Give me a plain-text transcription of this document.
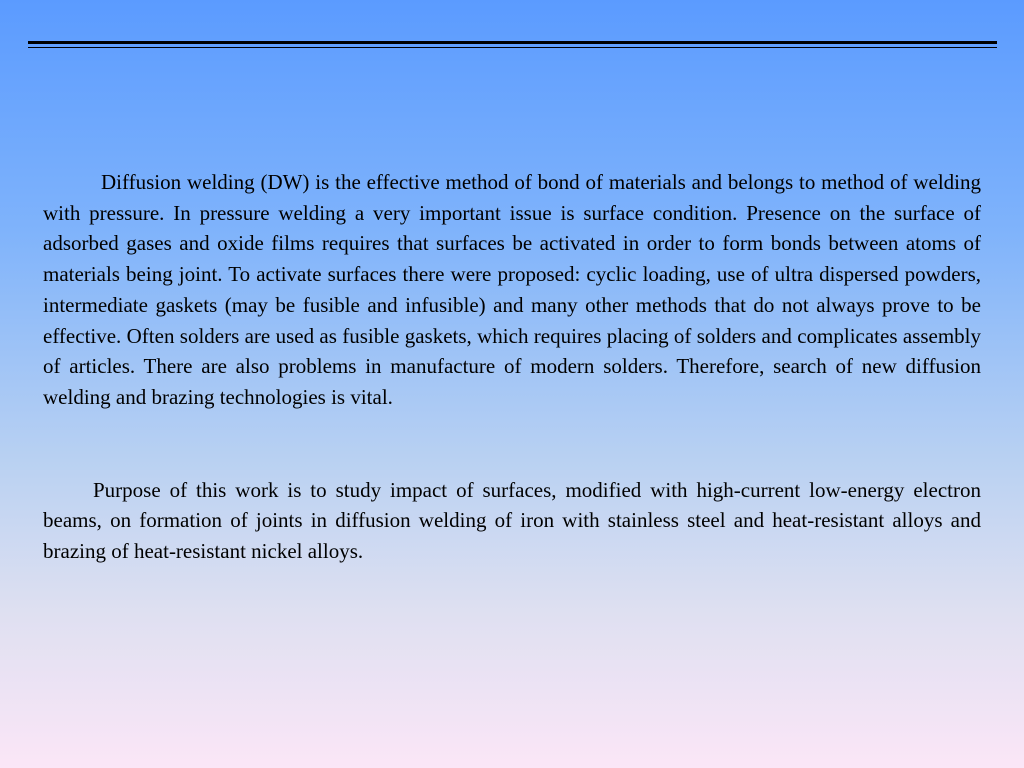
Diffusion welding (DW) is the effective method of bond of materials and belongs to method of welding with pressure. In pressure welding a very important issue is surface condition. Presence on the surface of adsorbed gases and oxide films requires that surfaces be activated in order to form bonds between atoms of materials being joint. To activate surfaces there were proposed: cyclic loading, use of ultra dispersed powders, intermediate gaskets (may be fusible and infusible) and many other methods that do not always prove to be effective. Often solders are used as fusible gaskets, which requires placing of solders and complicates assembly of articles. There are also problems in manufacture of modern solders. Therefore, search of new diffusion welding and brazing technologies is vital.

Purpose of this work is to study impact of surfaces, modified with high-current low-energy electron beams, on formation of joints in diffusion welding of iron with stainless steel and heat-resistant alloys and brazing of heat-resistant nickel alloys.
